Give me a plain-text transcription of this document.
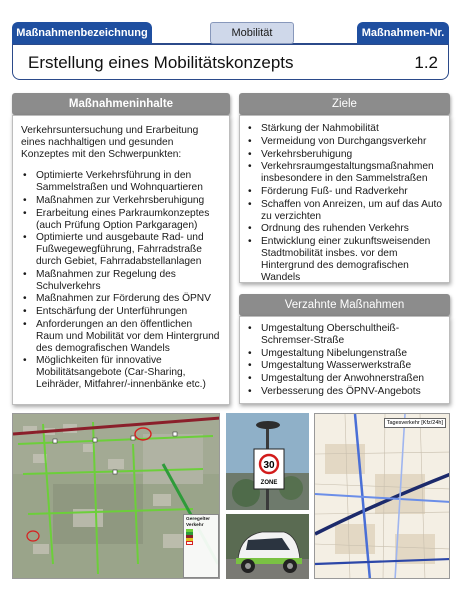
Maßnahmenbezeichnung	Mobilität	Maßnahmen-Nr.
Erstellung eines Mobilitätskonzepts	1.2
Maßnahmeninhalte

Verkehrsuntersuchung und Erarbeitung eines nachhaltigen und gesunden Konzeptes mit den Schwerpunkten:

• Optimierte Verkehrsführung in den Sammelstraßen und Wohnquartieren
• Maßnahmen zur Verkehrsberuhigung
• Erarbeitung eines Parkraumkonzeptes (auch Prüfung Option Parkgaragen)
• Optimierte und ausgebaute Rad- und Fußwegewegführung, Fahrradstraße durch Gebiet, Fahrradabstellanlagen
• Maßnahmen zur Regelung des Schulverkehrs
• Maßnahmen zur Förderung des ÖPNV
• Entschärfung der Unterführungen
• Anforderungen an den öffentlichen Raum und Mobilität vor dem Hintergrund des demografischen Wandels
• Möglichkeiten für innovative Mobilitätsangebote (Car-Sharing, Leihräder, Mitfahrer/-innenbänke etc.)
Ziele
• Stärkung der Nahmobilität
• Vermeidung von Durchgangsverkehr
• Verkehrsberuhigung
• Verkehrsraumgestaltungsmaßnahmen insbesondere in den Sammelstraßen
• Förderung Fuß- und Radverkehr
• Schaffen von Anreizen, um auf das Auto zu verzichten
• Ordnung des ruhenden Verkehrs
• Entwicklung einer zukunftsweisenden Stadtmobilität insbes. vor dem Hintergrund des demografischen Wandels
Verzahnte Maßnahmen
• Umgestaltung Oberschultheiß-Schremser-Straße
• Umgestaltung Nibelungenstraße
• Umgestaltung Wasserwerkstraße
• Umgestaltung der Anwohnerstraßen
• Verbesserung des ÖPNV-Angebots
Geregelter Verkehr
30
ZONE
Tagesverkehr [Kfz/24h]
